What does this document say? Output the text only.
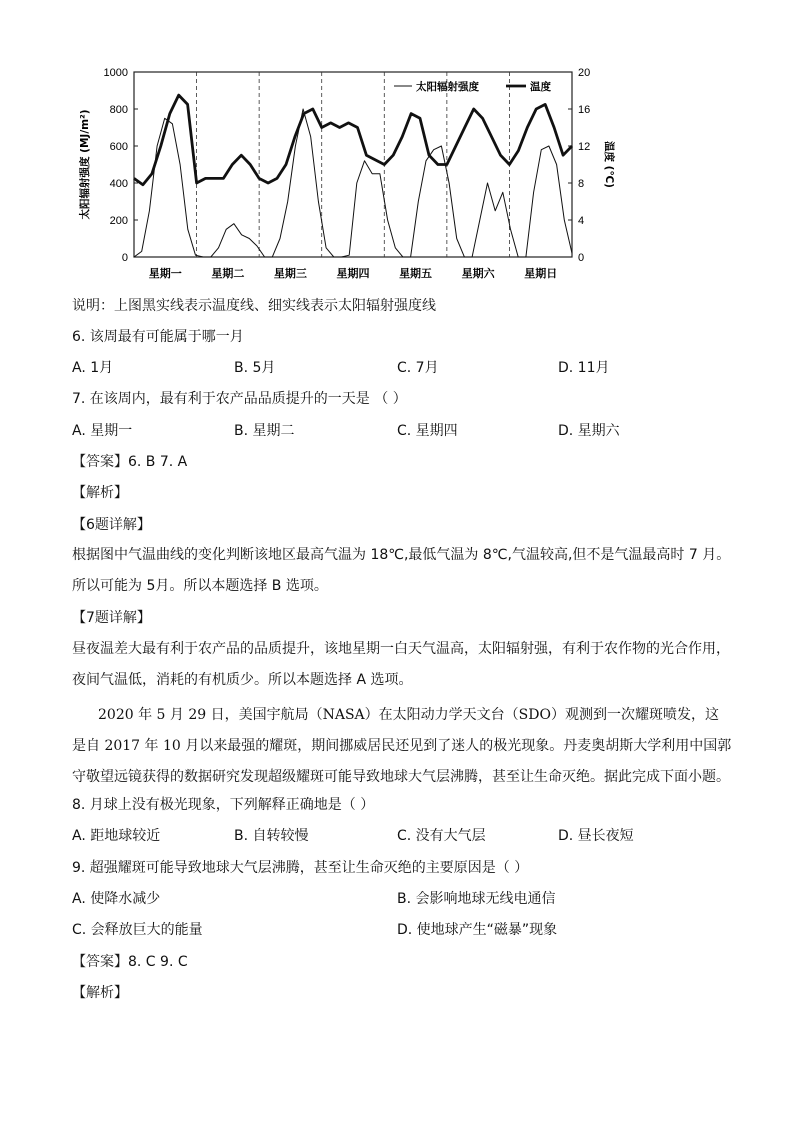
0
200
400
600
800
1000
0
4
8
12
16
20
星期一	星期二	星期三	星期四	星期五	星期六	星期日
太阳辐射强度 (MJ/m²)	温度 (℃)
太阳辐射强度	温度
说明：上图黑实线表示温度线、细实线表示太阳辐射强度线
6. 该周最有可能属于哪一月
A. 1月	B. 5月	C. 7月	D. 11月
7. 在该周内，最有利于农产品品质提升的一天是 （ ）
A. 星期一	B. 星期二	C. 星期四	D. 星期六
【答案】6. B 7. A
【解析】
【6题详解】
根据图中气温曲线的变化判断该地区最高气温为 18℃,最低气温为 8℃,气温较高,但不是气温最高时 7 月。所以可能为 5月。所以本题选择 B 选项。
【7题详解】
昼夜温差大最有利于农产品的品质提升，该地星期一白天气温高，太阳辐射强，有利于农作物的光合作用，夜间气温低，消耗的有机质少。所以本题选择 A 选项。
2020 年 5 月 29 日，美国宇航局（NASA）在太阳动力学天文台（SDO）观测到一次耀斑喷发，这是自 2017 年 10 月以来最强的耀斑，期间挪威居民还见到了迷人的极光现象。丹麦奥胡斯大学利用中国郭守敬望远镜获得的数据研究发现超级耀斑可能导致地球大气层沸腾，甚至让生命灭绝。据此完成下面小题。
8. 月球上没有极光现象，下列解释正确地是（ ）
A. 距地球较近	B. 自转较慢	C. 没有大气层	D. 昼长夜短
9. 超强耀斑可能导致地球大气层沸腾，甚至让生命灭绝的主要原因是（ ）
A. 使降水减少	B. 会影响地球无线电通信
C. 会释放巨大的能量	D. 使地球产生“磁暴”现象
【答案】8. C 9. C
【解析】
